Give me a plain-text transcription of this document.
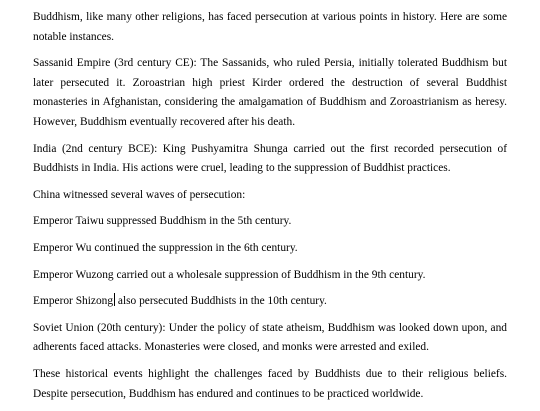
Buddhism, like many other religions, has faced persecution at various points in history. Here are some notable instances.

Sassanid Empire (3rd century CE): The Sassanids, who ruled Persia, initially tolerated Buddhism but later persecuted it. Zoroastrian high priest Kirder ordered the destruction of several Buddhist monasteries in Afghanistan, considering the amalgamation of Buddhism and Zoroastrianism as heresy. However, Buddhism eventually recovered after his death.

India (2nd century BCE): King Pushyamitra Shunga carried out the first recorded persecution of Buddhists in India. His actions were cruel, leading to the suppression of Buddhist practices.

China witnessed several waves of persecution:

Emperor Taiwu suppressed Buddhism in the 5th century.

Emperor Wu continued the suppression in the 6th century.

Emperor Wuzong carried out a wholesale suppression of Buddhism in the 9th century.

Emperor Shizong also persecuted Buddhists in the 10th century.

Soviet Union (20th century): Under the policy of state atheism, Buddhism was looked down upon, and adherents faced attacks. Monasteries were closed, and monks were arrested and exiled.

These historical events highlight the challenges faced by Buddhists due to their religious beliefs. Despite persecution, Buddhism has endured and continues to be practiced worldwide.
